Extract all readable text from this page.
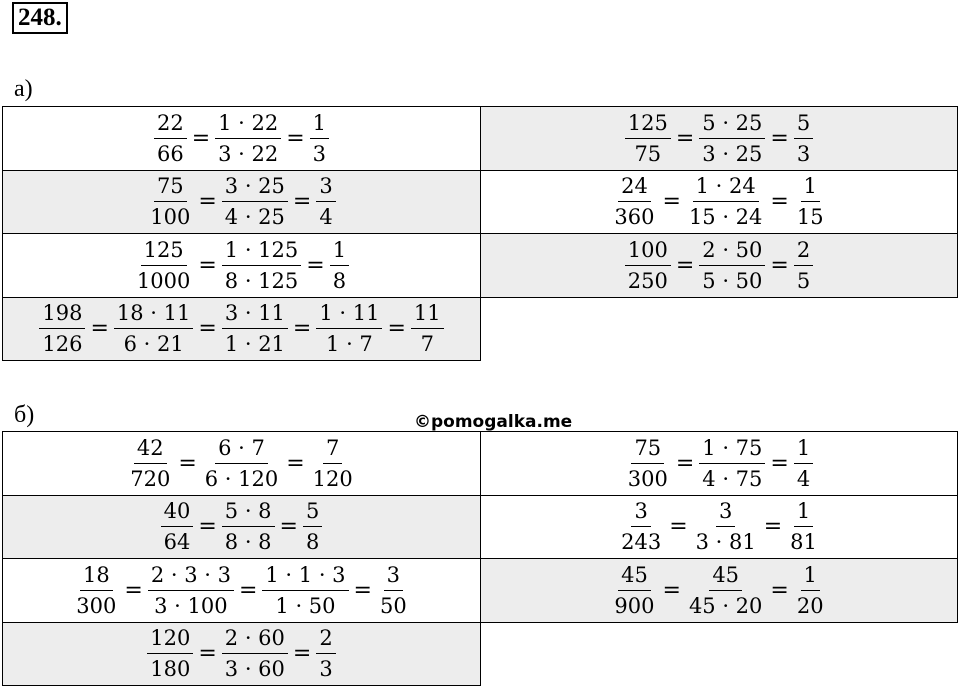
248.
а)
$\frac{22}{66} = \frac{1 \cdot 22}{3 \cdot 22} = \frac{1}{3}$	$\frac{125}{75} = \frac{5 \cdot 25}{3 \cdot 25} = \frac{5}{3}$
$\frac{75}{100} = \frac{3 \cdot 25}{4 \cdot 25} = \frac{3}{4}$	$\frac{24}{360} = \frac{1 \cdot 24}{15 \cdot 24} = \frac{1}{15}$
$\frac{125}{1000} = \frac{1 \cdot 125}{8 \cdot 125} = \frac{1}{8}$	$\frac{100}{250} = \frac{2 \cdot 50}{5 \cdot 50} = \frac{2}{5}$
$\frac{198}{126} = \frac{18 \cdot 11}{6 \cdot 21} = \frac{3 \cdot 11}{1 \cdot 21} = \frac{1 \cdot 11}{1 \cdot 7} = \frac{11}{7}$
б)	©pomogalka.me
$\frac{42}{720} = \frac{6 \cdot 7}{6 \cdot 120} = \frac{7}{120}$	$\frac{75}{300} = \frac{1 \cdot 75}{4 \cdot 75} = \frac{1}{4}$
$\frac{40}{64} = \frac{5 \cdot 8}{8 \cdot 8} = \frac{5}{8}$	$\frac{3}{243} = \frac{3}{3 \cdot 81} = \frac{1}{81}$
$\frac{18}{300} = \frac{2 \cdot 3 \cdot 3}{3 \cdot 100} = \frac{1 \cdot 1 \cdot 3}{1 \cdot 50} = \frac{3}{50}$	$\frac{45}{900} = \frac{45}{45 \cdot 20} = \frac{1}{20}$
$\frac{120}{180} = \frac{2 \cdot 60}{3 \cdot 60} = \frac{2}{3}$
